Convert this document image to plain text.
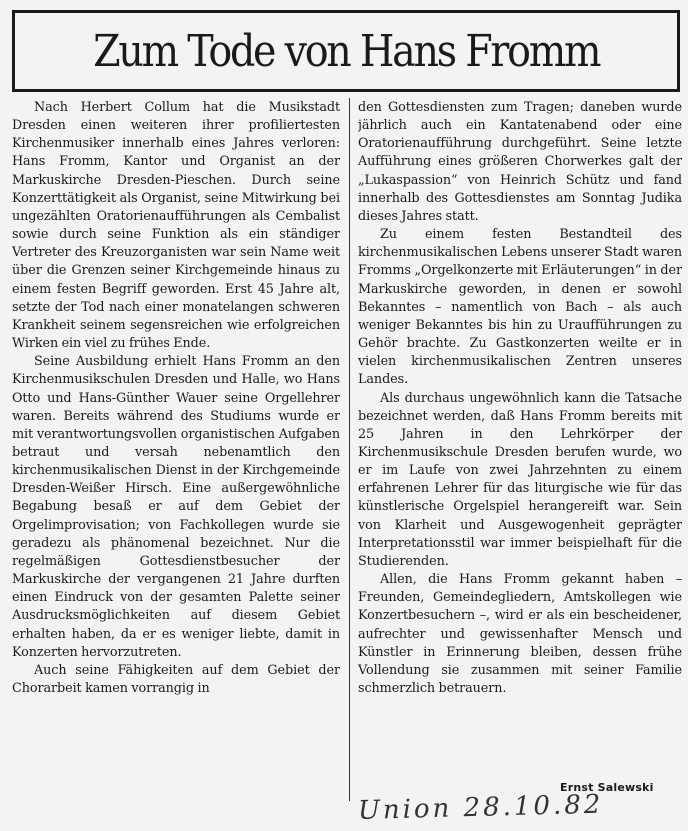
Zum Tode von Hans Fromm

Nach Herbert Collum hat die Musikstadt Dresden einen weiteren ihrer profiliertesten Kirchenmusiker innerhalb eines Jahres verloren: Hans Fromm, Kantor und Organist an der Markuskirche Dresden-Pieschen. Durch seine Konzerttätigkeit als Organist, seine Mitwirkung bei ungezählten Oratorienaufführungen als Cembalist sowie durch seine Funktion als ein ständiger Vertreter des Kreuzorganisten war sein Name weit über die Grenzen seiner Kirchgemeinde hinaus zu einem festen Begriff geworden. Erst 45 Jahre alt, setzte der Tod nach einer monatelangen schweren Krankheit seinem segensreichen wie erfolgreichen Wirken ein viel zu frühes Ende.

Seine Ausbildung erhielt Hans Fromm an den Kirchenmusikschulen Dresden und Halle, wo Hans Otto und Hans-Günther Wauer seine Orgellehrer waren. Bereits während des Studiums wurde er mit verantwortungsvollen organistischen Aufgaben betraut und versah nebenamtlich den kirchenmusikalischen Dienst in der Kirchgemeinde Dresden-Weißer Hirsch. Eine außergewöhnliche Begabung besaß er auf dem Gebiet der Orgelimprovisation; von Fachkollegen wurde sie geradezu als phänomenal bezeichnet. Nur die regelmäßigen Gottesdienstbesucher der Markuskirche der vergangenen 21 Jahre durften einen Eindruck von der gesamten Palette seiner Ausdrucksmöglichkeiten auf diesem Gebiet erhalten haben, da er es weniger liebte, damit in Konzerten hervorzutreten.

Auch seine Fähigkeiten auf dem Gebiet der Chorarbeit kamen vorrangig in

den Gottesdiensten zum Tragen; daneben wurde jährlich auch ein Kantatenabend oder eine Oratorienaufführung durchgeführt. Seine letzte Aufführung eines größeren Chorwerkes galt der „Lukaspassion“ von Heinrich Schütz und fand innerhalb des Gottesdienstes am Sonntag Judika dieses Jahres statt.

Zu einem festen Bestandteil des kirchenmusikalischen Lebens unserer Stadt waren Fromms „Orgelkonzerte mit Erläuterungen“ in der Markuskirche geworden, in denen er sowohl Bekanntes – namentlich von Bach – als auch weniger Bekanntes bis hin zu Uraufführungen zu Gehör brachte. Zu Gastkonzerten weilte er in vielen kirchenmusikalischen Zentren unseres Landes.

Als durchaus ungewöhnlich kann die Tatsache bezeichnet werden, daß Hans Fromm bereits mit 25 Jahren in den Lehrkörper der Kirchenmusikschule Dresden berufen wurde, wo er im Laufe von zwei Jahrzehnten zu einem erfahrenen Lehrer für das liturgische wie für das künstlerische Orgelspiel herangereift war. Sein von Klarheit und Ausgewogenheit geprägter Interpretationsstil war immer beispielhaft für die Studierenden.

Allen, die Hans Fromm gekannt haben – Freunden, Gemeindegliedern, Amtskollegen wie Konzertbesuchern –, wird er als ein bescheidener, aufrechter und gewissenhafter Mensch und Künstler in Erinnerung bleiben, dessen frühe Vollendung sie zusammen mit seiner Familie schmerzlich betrauern.

Ernst Salewski
Union 28.10.82
